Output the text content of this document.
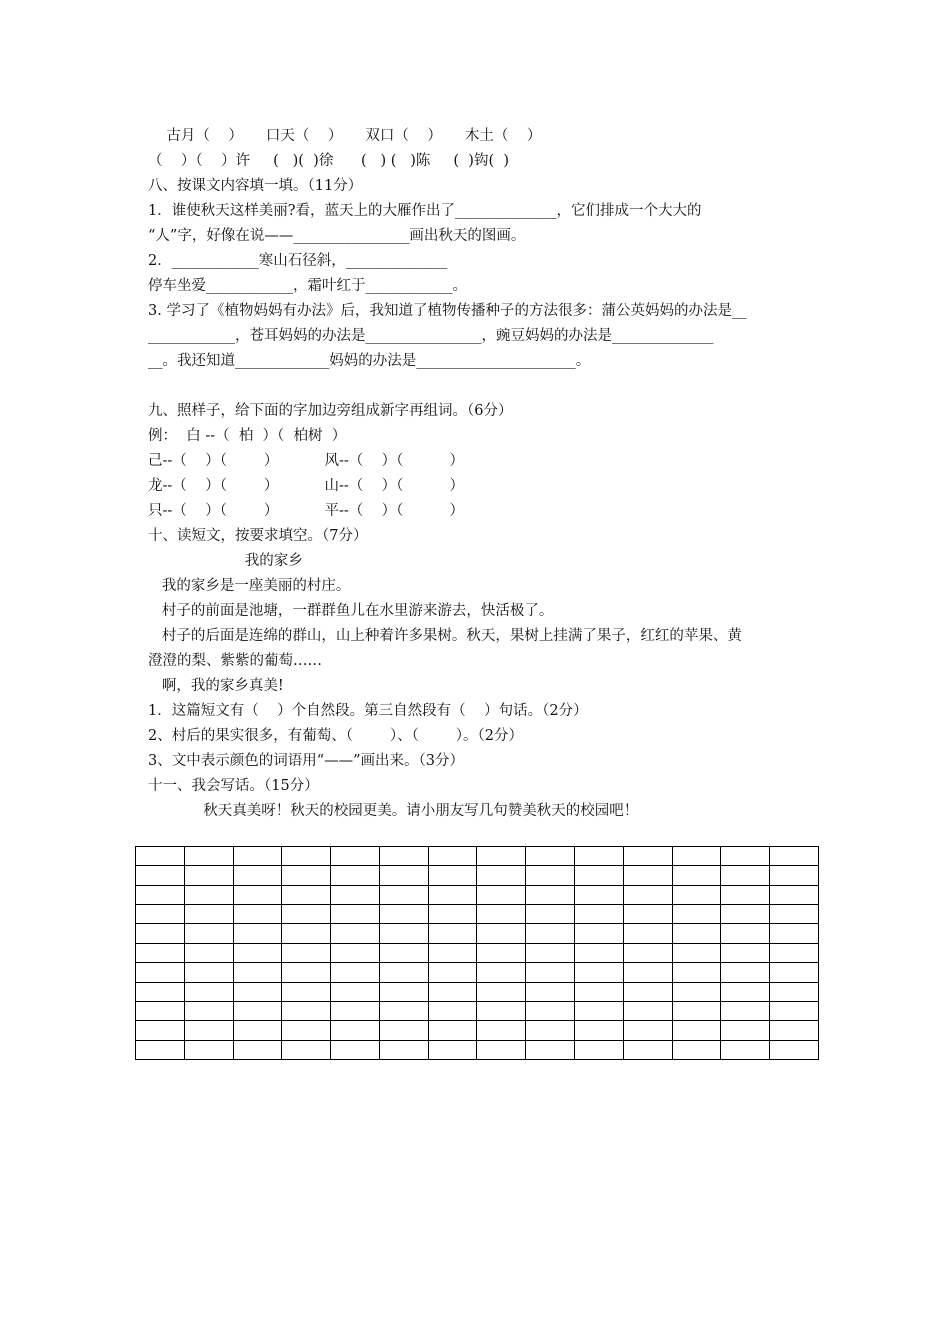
古月（    ）     口天（    ）     双口（    ）     木土（    ）
（    ）（    ）许     (   )(  )徐      (   ) (   )陈     (  )钩(  )
八、按课文内容填一填。（11分）
1．谁使秋天这样美丽?看，蓝天上的大雁作出了______________，它们排成一个大大的
“人”字，好像在说——________________画出秋天的图画。
2．____________寒山石径斜，______________
停车坐爱____________，霜叶红于____________。
3. 学习了《植物妈妈有办法》后，我知道了植物传播种子的方法很多：蒲公英妈妈的办法是__
____________，苍耳妈妈的办法是________________，豌豆妈妈的办法是______________
__。我还知道_____________妈妈的办法是______________________。
九、照样子，给下面的字加边旁组成新字再组词。（6分）
例：  白 --（  柏  ）（  柏树  ）
己--（    ）（        ）          风--（    ）（          ）
龙--（    ）（        ）          山--（    ）（          ）
只--（    ）（        ）          平--（    ）（          ）
十、读短文，按要求填空。（7分）
我的家乡
我的家乡是一座美丽的村庄。
村子的前面是池塘，一群群鱼儿在水里游来游去，快活极了。
村子的后面是连绵的群山，山上种着许多果树。秋天，果树上挂满了果子，红红的苹果、黄
澄澄的梨、紫紫的葡萄……
啊，我的家乡真美!
1．这篇短文有（    ）个自然段。第三自然段有（    ）句话。（2分）
2、村后的果实很多，有葡萄、（        ）、（        ）。（2分）
3、文中表示颜色的词语用“——”画出来。（3分）
十一、我会写话。（15分）
秋天真美呀！秋天的校园更美。请小朋友写几句赞美秋天的校园吧！
